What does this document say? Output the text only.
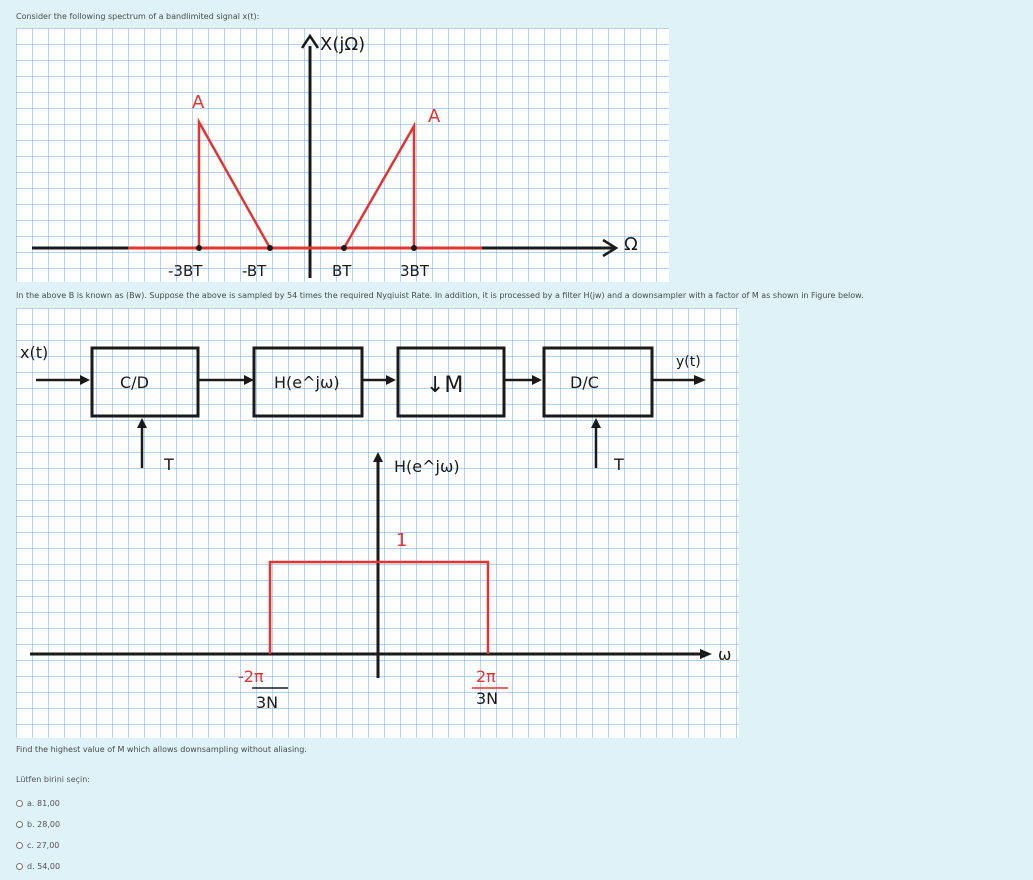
Consider the following spectrum of a bandlimited signal x(t):
X(jΩ)
Ω
A
A
-3BT	-BT	BT	3BT
In the above B is known as (Bw). Suppose the above is sampled by 54 times the required Nyqiuist Rate. In addition, it is processed by a filter H(jw) and a downsampler with a factor of M as shown in Figure below.
x(t)
C/D	H(e^jω)	↓M	D/C
y(t)
T	T
H(e^jω)
ω
1
-2π
3N
2π
3N
Find the highest value of M which allows downsampling without aliasing.
Lütfen birini seçin:
a. 81,00
b. 28,00
c. 27,00
d. 54,00
